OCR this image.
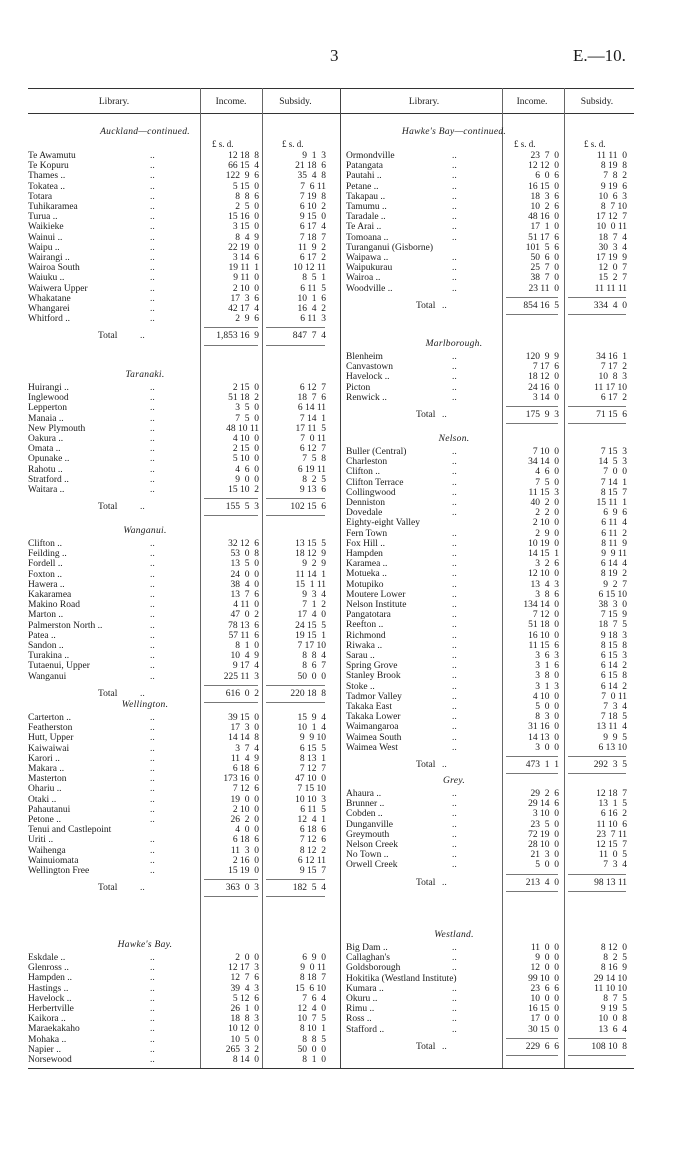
3	E.—10.
Library.	Income.	Subsidy.	Library.	Income.	Subsidy.
Auckland—continued.
£ s. d.	£ s. d.
Te Awamutu	..	12 18  8	9  1  3
Te Kopuru	..	66 15  4	21 18  6
Thames ..	..	122  9  6	35  4  8
Tokatea ..	..	5 15  0	7  6 11
Totara	..	8  8  6	7 19  8
Tuhikaramea	..	2  5  0	6 10  2
Turua ..	..	15 16  0	9 15  0
Waikieke	..	3 15  0	6 17  4
Wainui ..	..	8  4  9	7 18  7
Waipu ..	..	22 19  0	11  9  2
Wairangi ..	..	3 14  6	6 17  2
Wairoa South	..	19 11  1	10 12 11
Waiuku ..	..	9 11  0	8  5  1
Waiwera Upper	..	2 10  0	6 11  5
Whakatane	..	17  3  6	10  1  6
Whangarei	..	42 17  4	16  4  2
Whitford ..	..	2  9  6	6 11  3
Total ..	1,853 16  9	847  7  4
Taranaki.
Huirangi ..	..	2 15  0	6 12  7
Inglewood	..	51 18  2	18  7  6
Lepperton	..	3  5  0	6 14 11
Manaia ..	..	7  5  0	7 14  1
New Plymouth	..	48 10 11	17 11  5
Oakura ..	..	4 10  0	7  0 11
Omata ..	..	2 15  0	6 12  7
Opunake ..	..	5 10  0	7  5  8
Rahotu ..	..	4  6  0	6 19 11
Stratford ..	..	9  0  0	8  2  5
Waitara ..	..	15 10  2	9 13  6
Total ..	155  5  3	102 15  6
Wanganui.
Clifton ..	..	32 12  6	13 15  5
Feilding ..	..	53  0  8	18 12  9
Fordell ..	..	13  5  0	9  2  9
Foxton ..	..	24  0  0	11 14  1
Hawera ..	..	38  4  0	15  1 11
Kakaramea	..	13  7  6	9  3  4
Makino Road	..	4 11  0	7  1  2
Marton ..	..	47  0  2	17  4  0
Palmerston North ..	..	78 13  6	24 15  5
Patea ..	..	57 11  6	19 15  1
Sandon ..	..	8  1  0	7 17 10
Turakina ..	..	10  4  9	8  8  4
Tutaenui, Upper	..	9 17  4	8  6  7
Wanganui	..	225 11  3	50  0  0
Total ..	616  0  2	220 18  8
Wellington.
Carterton ..	..	39 15  0	15  9  4
Featherston	..	17  3  0	10  1  4
Hutt, Upper	..	14 14  8	9  9 10
Kaiwaiwai	..	3  7  4	6 15  5
Karori ..	..	11  4  9	8 13  1
Makara ..	..	6 18  6	7 12  7
Masterton	..	173 16  0	47 10  0
Ohariu ..	..	7 12  6	7 15 10
Otaki ..	..	19  0  0	10 10  3
Pahautanui	..	2 10  0	6 11  5
Petone ..	..	26  2  0	12  4  1
Tenui and Castlepoint	4  0  0	6 18  6
Uriti ..	..	6 18  6	7 12  6
Waihenga	..	11  3  0	8 12  2
Wainuiomata	..	2 16  0	6 12 11
Wellington Free	..	15 19  0	9 15  7
Total ..	363  0  3	182  5  4
Hawke's Bay.
Eskdale ..	..	2  0  0	6  9  0
Glenross ..	..	12 17  3	9  0 11
Hampden ..	..	12  7  6	8 18  7
Hastings ..	..	39  4  3	15  6 10
Havelock ..	..	5 12  6	7  6  4
Herbertville	..	26  1  0	12  4  0
Kaikora ..	..	18  8  3	10  7  5
Maraekakaho	..	10 12  0	8 10  1
Mohaka ..	..	10  5  0	8  8  5
Napier ..	..	265  3  2	50  0  0
Norsewood	..	8 14  0	8  1  0
Hawke's Bay—continued.
£ s. d.	£ s. d.
Ormondville	..	23  7  0	11 11  0
Patangata	..	12 12  0	8 19  8
Pautahi ..	..	6  0  6	7  8  2
Petane ..	..	16 15  0	9 19  6
Takapau ..	..	18  3  6	10  6  3
Tamumu ..	..	10  2  6	8  7 10
Taradale ..	..	48 16  0	17 12  7
Te Arai ..	..	17  1  0	10  0 11
Tomoana ..	..	51 17  6	18  7  4
Turanganui (Gisborne)	101  5  6	30  3  4
Waipawa ..	..	50  6  0	17 19  9
Waipukurau	..	25  7  0	12  0  7
Wairoa ..	..	38  7  0	15  2  7
Woodville ..	..	23 11  0	11 11 11
Total ..	854 16  5	334  4  0
Marlborough.
Blenheim	..	120  9  9	34 16  1
Canvastown	..	7 17  6	7 17  2
Havelock ..	..	18 12  0	10  8  3
Picton	..	24 16  0	11 17 10
Renwick ..	..	3 14  0	6 17  2
Total ..	175  9  3	71 15  6
Nelson.
Buller (Central)	..	7 10  0	7 15  3
Charleston	..	34 14  0	14  5  3
Clifton ..	..	4  6  0	7  0  0
Clifton Terrace	..	7  5  0	7 14  1
Collingwood	..	11 15  3	8 15  7
Denniston	..	40  2  0	15 11  1
Dovedale	..	2  2  0	6  9  6
Eighty-eight Valley	2 10  0	6 11  4
Fern Town	..	2  9  0	6 11  2
Fox Hill ..	..	10 19  0	8 11  9
Hampden	..	14 15  1	9  9 11
Karamea ..	..	3  2  6	6 14  4
Motueka ..	..	12 10  0	8 19  2
Motupiko	..	13  4  3	9  2  7
Moutere Lower	..	3  8  6	6 15 10
Nelson Institute	..	134 14  0	38  3  0
Pangatotara	..	7 12  0	7 15  9
Reefton ..	..	51 18  0	18  7  5
Richmond	..	16 10  0	9 18  3
Riwaka ..	..	11 15  6	8 15  8
Sarau ..	..	3  6  3	6 15  3
Spring Grove	..	3  1  6	6 14  2
Stanley Brook	..	3  8  0	6 15  8
Stoke ..	..	3  1  3	6 14  2
Tadmor Valley	..	4 10  0	7  0 11
Takaka East	..	5  0  0	7  3  4
Takaka Lower	..	8  3  0	7 18  5
Waimangaroa	..	31 16  0	13 11  4
Waimea South	..	14 13  0	9  9  5
Waimea West	..	3  0  0	6 13 10
Total ..	473  1  1	292  3  5
Grey.
Ahaura ..	..	29  2  6	12 18  7
Brunner ..	..	29 14  6	13  1  5
Cobden ..	..	3 10  0	6 16  2
Dunganville	..	23  5  0	11 10  6
Greymouth	..	72 19  0	23  7 11
Nelson Creek	..	28 10  0	12 15  7
No Town ..	..	21  3  0	11  0  5
Orwell Creek	..	5  0  0	7  3  4
Total ..	213  4  0	98 13 11
Westland.
Big Dam ..	..	11  0  0	8 12  0
Callaghan's	..	9  0  0	8  2  5
Goldsborough	..	12  0  0	8 16  9
Hokitika (Westland Institute)	99 10  0	29 14 10
Kumara ..	..	23  6  6	11 10 10
Okuru ..	..	10  0  0	8  7  5
Rimu ..	..	16 15  0	9 19  5
Ross ..	..	17  0  0	10  0  8
Stafford ..	..	30 15  0	13  6  4
Total ..	229  6  6	108 10  8
